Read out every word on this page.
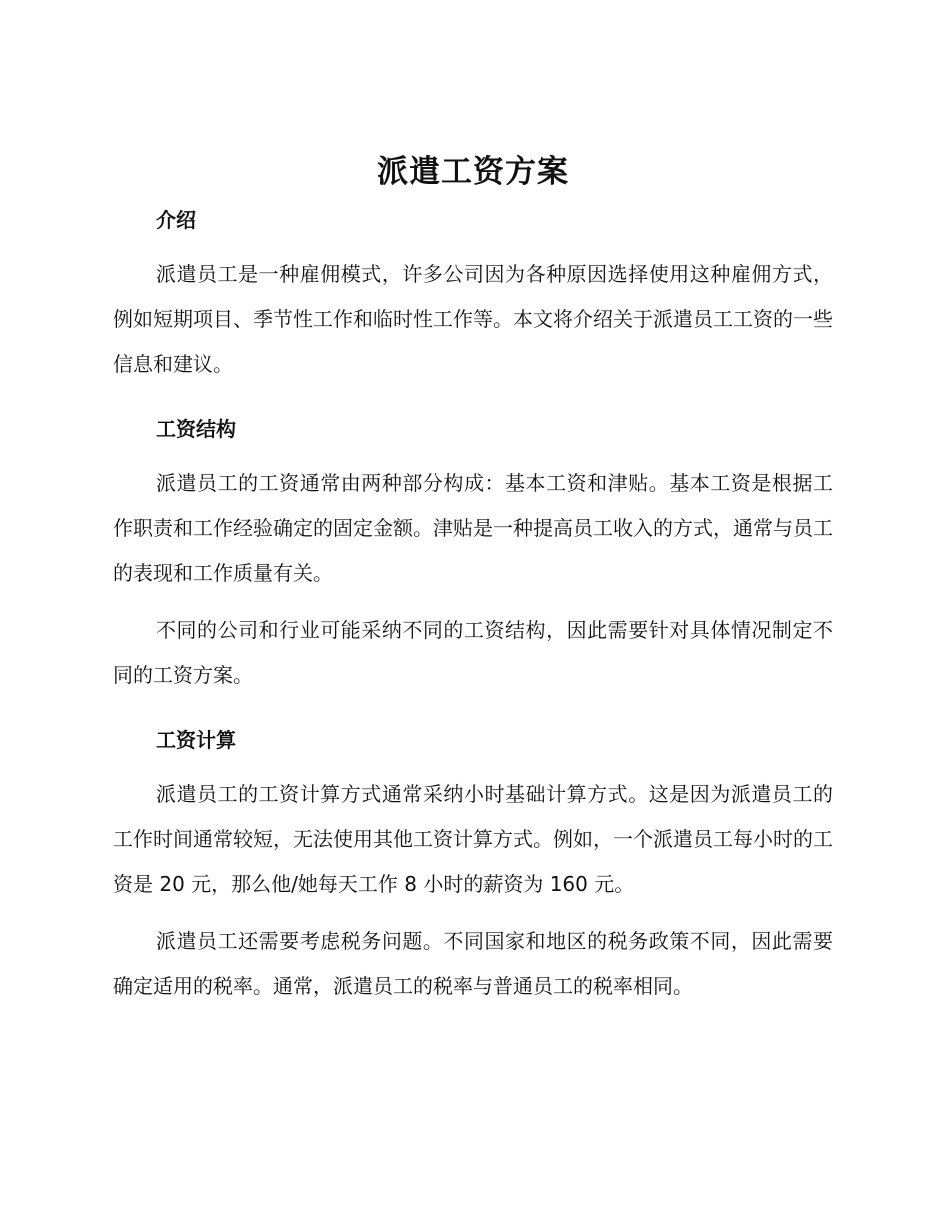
派遣工资方案
介绍

派遣员工是一种雇佣模式，许多公司因为各种原因选择使用这种雇佣方式，例如短期项目、季节性工作和临时性工作等。本文将介绍关于派遣员工工资的一些信息和建议。

工资结构

派遣员工的工资通常由两种部分构成：基本工资和津贴。基本工资是根据工作职责和工作经验确定的固定金额。津贴是一种提高员工收入的方式，通常与员工的表现和工作质量有关。

不同的公司和行业可能采纳不同的工资结构，因此需要针对具体情况制定不同的工资方案。

工资计算

派遣员工的工资计算方式通常采纳小时基础计算方式。这是因为派遣员工的工作时间通常较短，无法使用其他工资计算方式。例如，一个派遣员工每小时的工资是 20 元，那么他/她每天工作 8 小时的薪资为 160 元。

派遣员工还需要考虑税务问题。不同国家和地区的税务政策不同，因此需要确定适用的税率。通常，派遣员工的税率与普通员工的税率相同。
